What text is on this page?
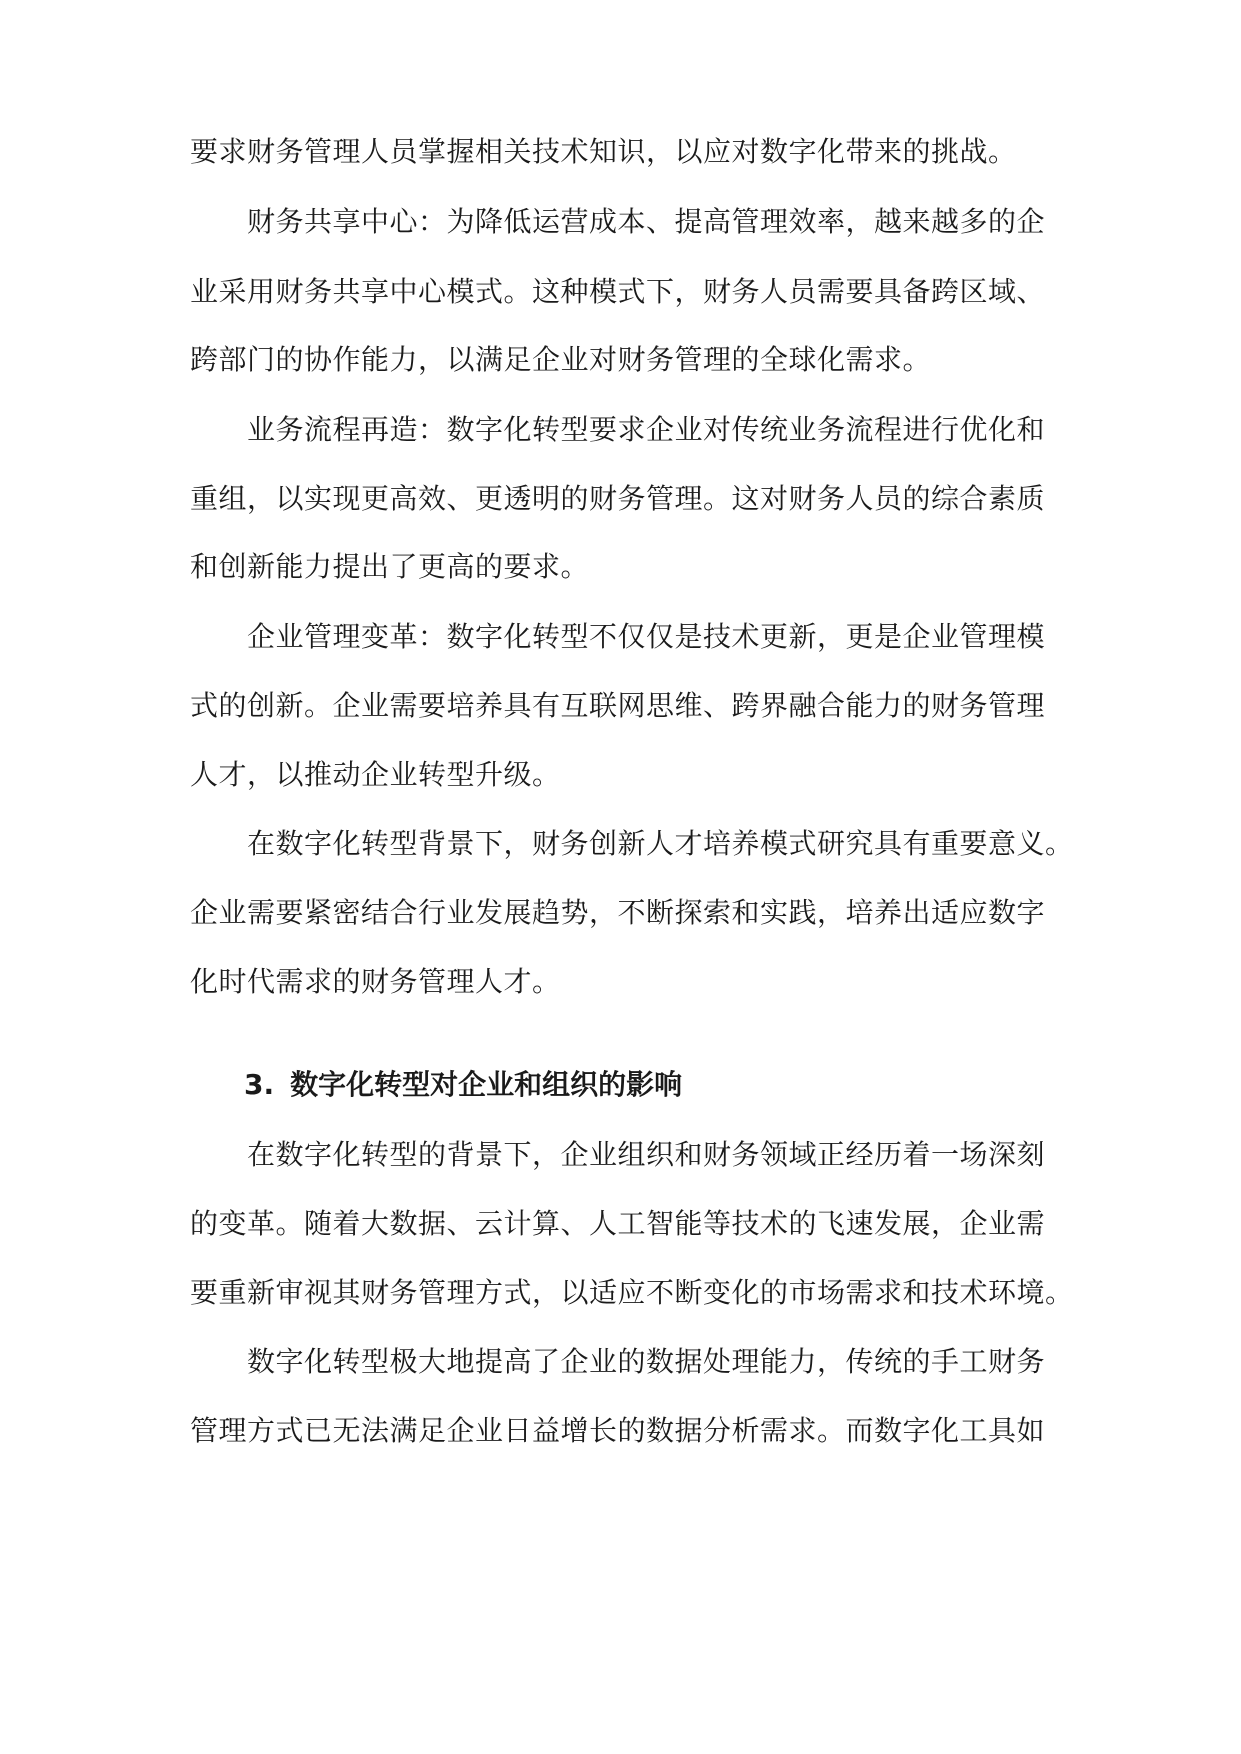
要求财务管理人员掌握相关技术知识，以应对数字化带来的挑战。
财务共享中心：为降低运营成本、提高管理效率，越来越多的企
业采用财务共享中心模式。这种模式下，财务人员需要具备跨区域、
跨部门的协作能力，以满足企业对财务管理的全球化需求。
业务流程再造：数字化转型要求企业对传统业务流程进行优化和
重组，以实现更高效、更透明的财务管理。这对财务人员的综合素质
和创新能力提出了更高的要求。
企业管理变革：数字化转型不仅仅是技术更新，更是企业管理模
式的创新。企业需要培养具有互联网思维、跨界融合能力的财务管理
人才，以推动企业转型升级。
在数字化转型背景下，财务创新人才培养模式研究具有重要意义。
企业需要紧密结合行业发展趋势，不断探索和实践，培养出适应数字
化时代需求的财务管理人才。
3. 数字化转型对企业和组织的影响
在数字化转型的背景下，企业组织和财务领域正经历着一场深刻
的变革。随着大数据、云计算、人工智能等技术的飞速发展，企业需
要重新审视其财务管理方式，以适应不断变化的市场需求和技术环境。
数字化转型极大地提高了企业的数据处理能力，传统的手工财务
管理方式已无法满足企业日益增长的数据分析需求。而数字化工具如
